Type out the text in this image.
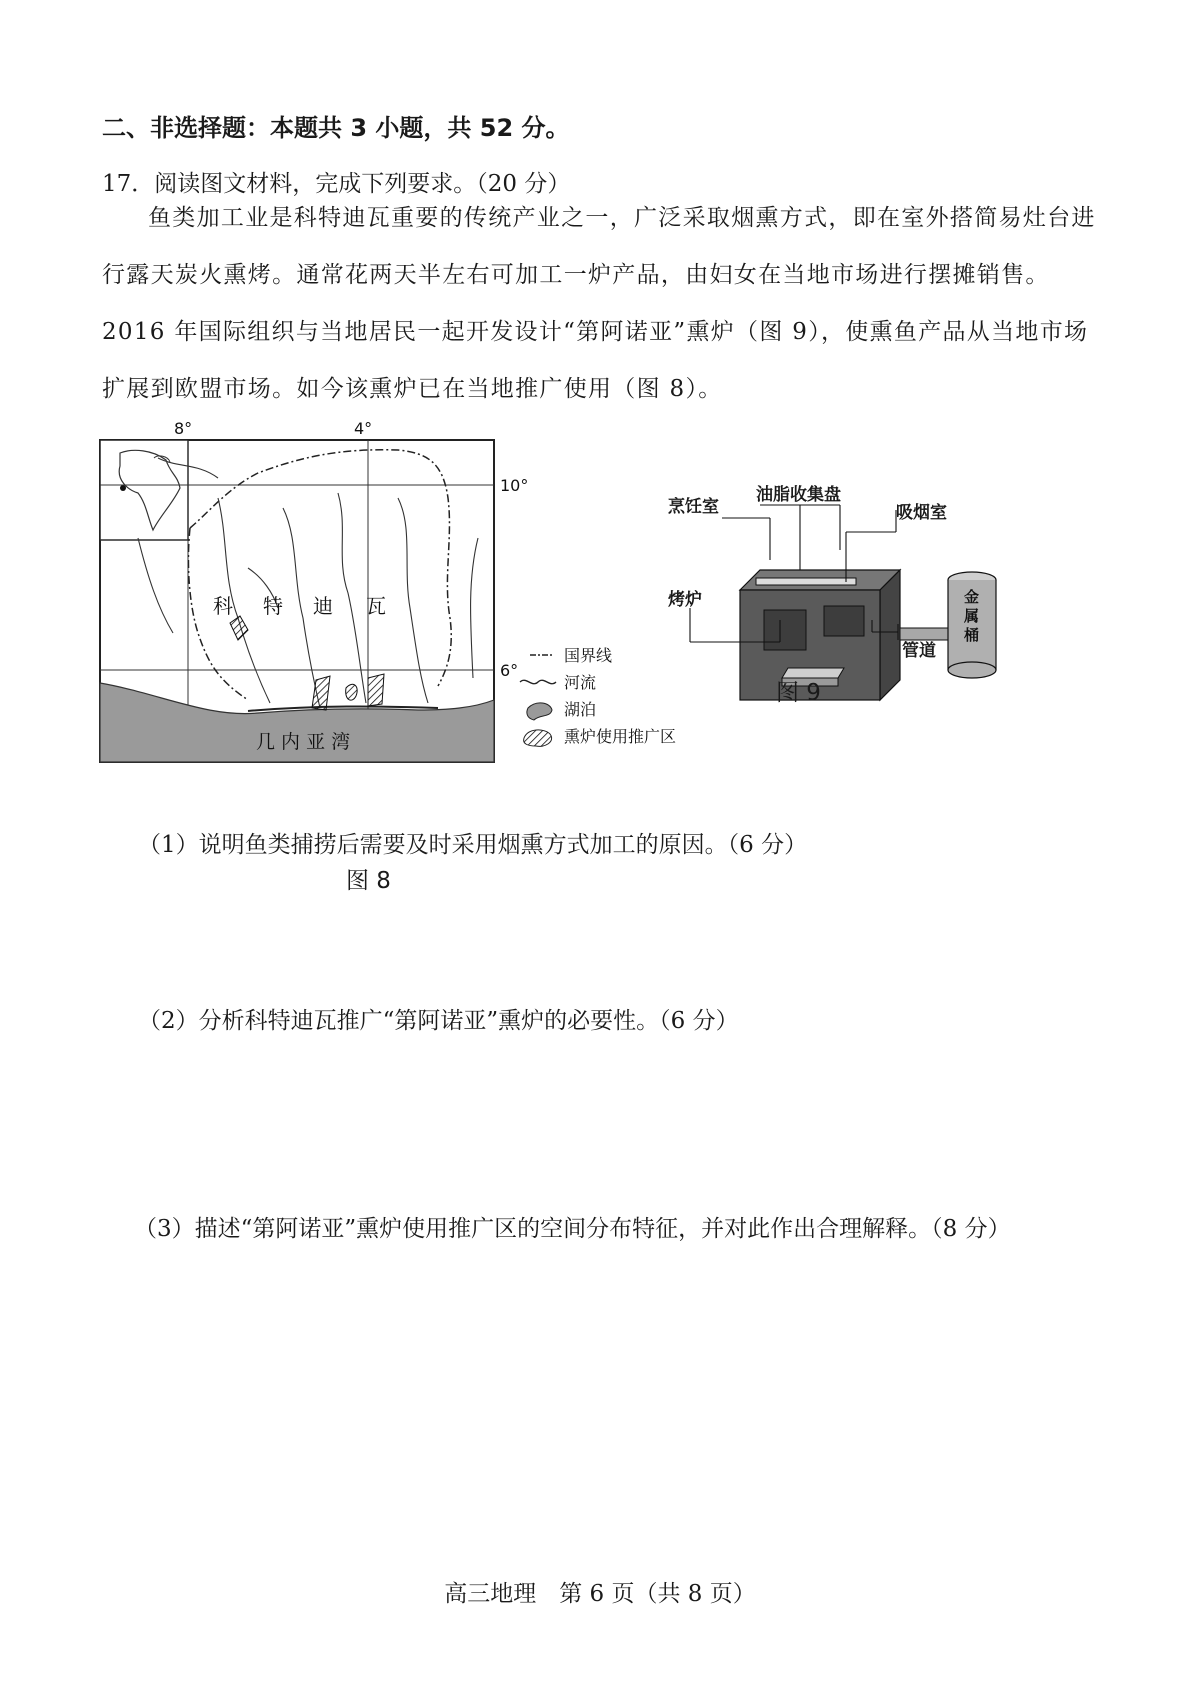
二、非选择题：本题共 3 小题，共 52 分。
17．阅读图文材料，完成下列要求。（20 分）
鱼类加工业是科特迪瓦重要的传统产业之一，广泛采取烟熏方式，即在室外搭简易灶台进行露天炭火熏烤。通常花两天半左右可加工一炉产品，由妇女在当地市场进行摆摊销售。2016 年国际组织与当地居民一起开发设计“第阿诺亚”熏炉（图 9），使熏鱼产品从当地市场扩展到欧盟市场。如今该熏炉已在当地推广使用（图 8）。
8°	4°
10°
6°
科 特 迪 瓦
几 内 亚 湾
国界线
河流
湖泊
熏炉使用推广区
图 8
金
属
桶
烹饪室
油脂收集盘
吸烟室
烤炉
管道
图 9
（1）说明鱼类捕捞后需要及时采用烟熏方式加工的原因。（6 分）
（2）分析科特迪瓦推广“第阿诺亚”熏炉的必要性。（6 分）
（3）描述“第阿诺亚”熏炉使用推广区的空间分布特征，并对此作出合理解释。（8 分）
高三地理　第 6 页（共 8 页）
